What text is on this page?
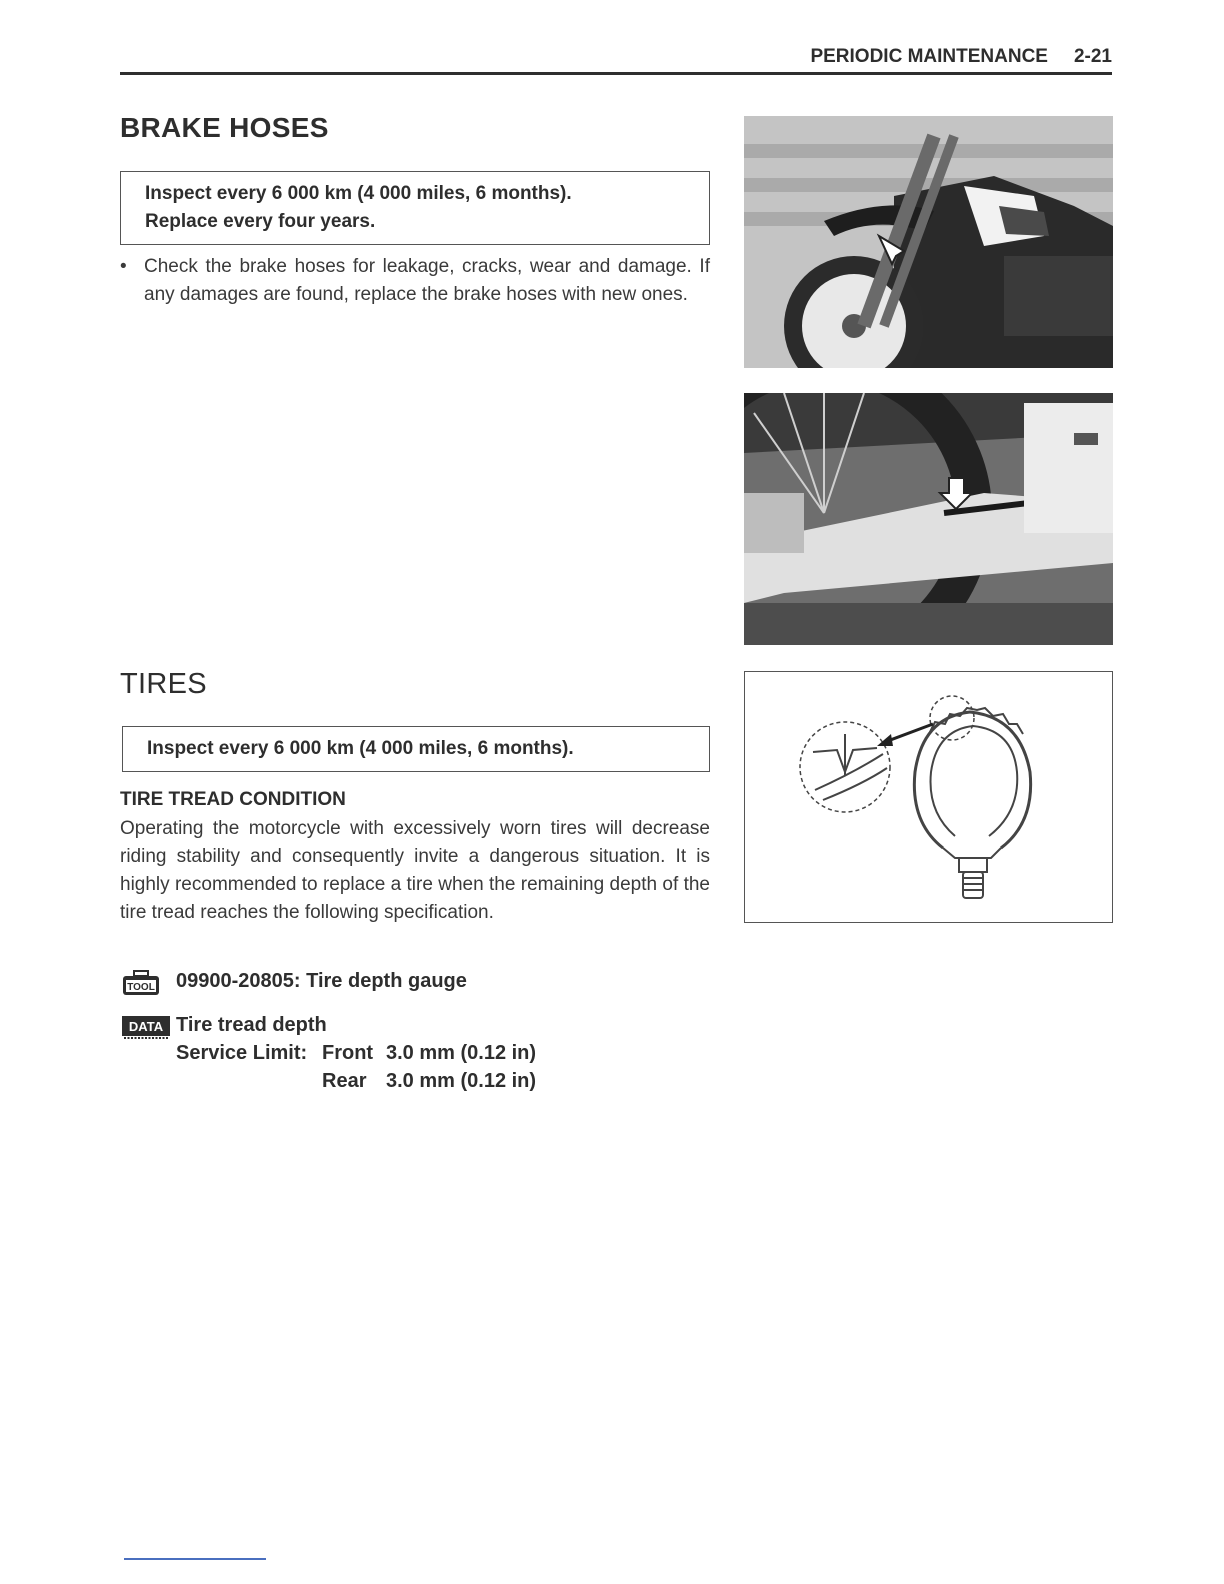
PERIODIC MAINTENANCE 2-21
BRAKE HOSES
Inspect every 6 000 km (4 000 miles, 6 months).
Replace every four years.
• Check the brake hoses for leakage, cracks, wear and damage. If any damages are found, replace the brake hoses with new ones.
TIRES
Inspect every 6 000 km (4 000 miles, 6 months).
TIRE TREAD CONDITION
Operating the motorcycle with excessively worn tires will decrease riding stability and consequently invite a dangerous situation. It is highly recommended to replace a tire when the remaining depth of the tire tread reaches the following specification.
TOOL 09900-20805: Tire depth gauge
DATA Tire tread depth
Service Limit: Front 3.0 mm (0.12 in)
Rear 3.0 mm (0.12 in)
